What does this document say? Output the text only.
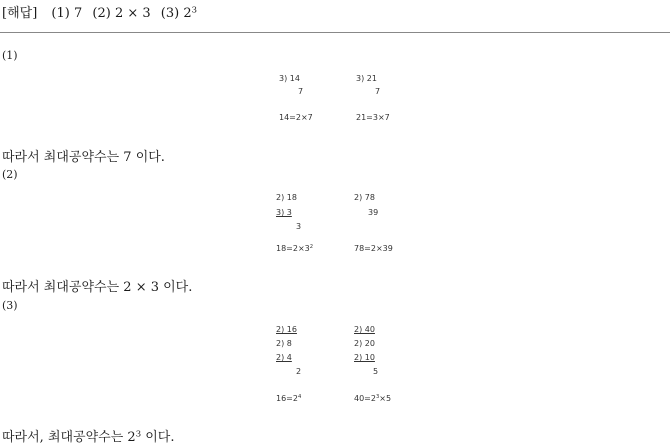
[해답] (1) 7 (2) 2 × 3 (3) $2^3$
(1)
3) 14
7
14=2×7
3) 21
7
21=3×7
따라서 최대공약수는 7 이다.
(2)
2) 18
3) 3
3
$18=2\times 3^2$
2) 78
39
78=2×39
따라서 최대공약수는 2 × 3 이다.
(3)
2) 16
2) 8
2) 4
2
$16=2^4$
2) 40
2) 20
2) 10
5
$40=2^3\times 5$
따라서, 최대공약수는 $2^3$ 이다.
